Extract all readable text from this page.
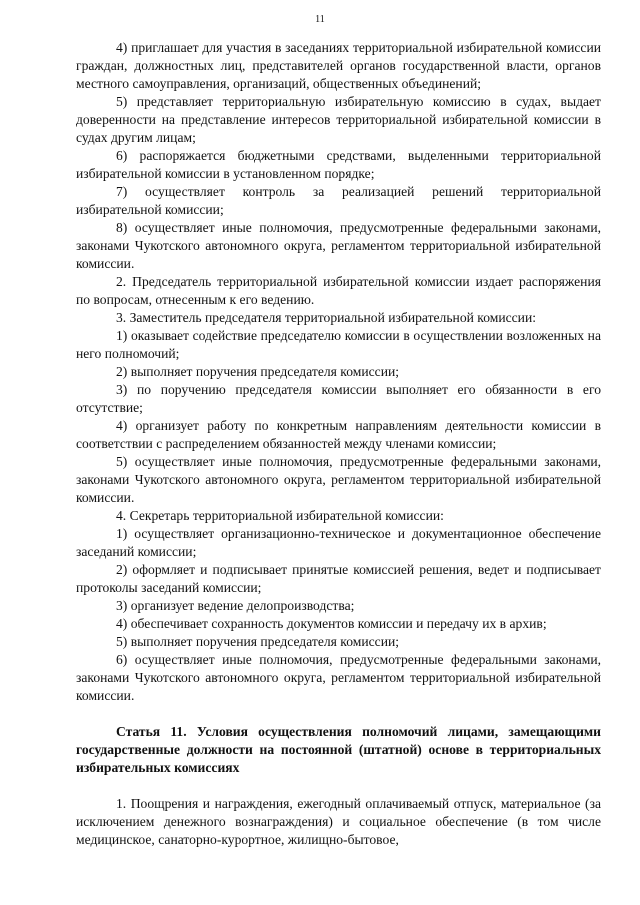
11

4) приглашает для участия в заседаниях территориальной избирательной комиссии граждан, должностных лиц, представителей органов государственной власти, органов местного самоуправления, организаций, общественных объединений;

5) представляет территориальную избирательную комиссию в судах, выдает доверенности на представление интересов территориальной избирательной комиссии в судах другим лицам;

6) распоряжается бюджетными средствами, выделенными территориальной избирательной комиссии в установленном порядке;

7) осуществляет контроль за реализацией решений территориальной избирательной комиссии;

8) осуществляет иные полномочия, предусмотренные федеральными законами, законами Чукотского автономного округа, регламентом территориальной избирательной комиссии.

2. Председатель территориальной избирательной комиссии издает распоряжения по вопросам, отнесенным к его ведению.

3. Заместитель председателя территориальной избирательной комиссии:

1) оказывает содействие председателю комиссии в осуществлении возложенных на него полномочий;

2) выполняет поручения председателя комиссии;

3) по поручению председателя комиссии выполняет его обязанности в его отсутствие;

4) организует работу по конкретным направлениям деятельности комиссии в соответствии с распределением обязанностей между членами комиссии;

5) осуществляет иные полномочия, предусмотренные федеральными законами, законами Чукотского автономного округа, регламентом территориальной избирательной комиссии.

4. Секретарь территориальной избирательной комиссии:

1) осуществляет организационно-техническое и документационное обеспечение заседаний комиссии;

2) оформляет и подписывает принятые комиссией решения, ведет и подписывает протоколы заседаний комиссии;

3) организует ведение делопроизводства;

4) обеспечивает сохранность документов комиссии и передачу их в архив;

5) выполняет поручения председателя комиссии;

6) осуществляет иные полномочия, предусмотренные федеральными законами, законами Чукотского автономного округа, регламентом территориальной избирательной комиссии.

Статья 11. Условия осуществления полномочий лицами, замещающими государственные должности на постоянной (штатной) основе в территориальных избирательных комиссиях

1. Поощрения и награждения, ежегодный оплачиваемый отпуск, материальное (за исключением денежного вознаграждения) и социальное обеспечение (в том числе медицинское, санаторно-курортное, жилищно-бытовое,
